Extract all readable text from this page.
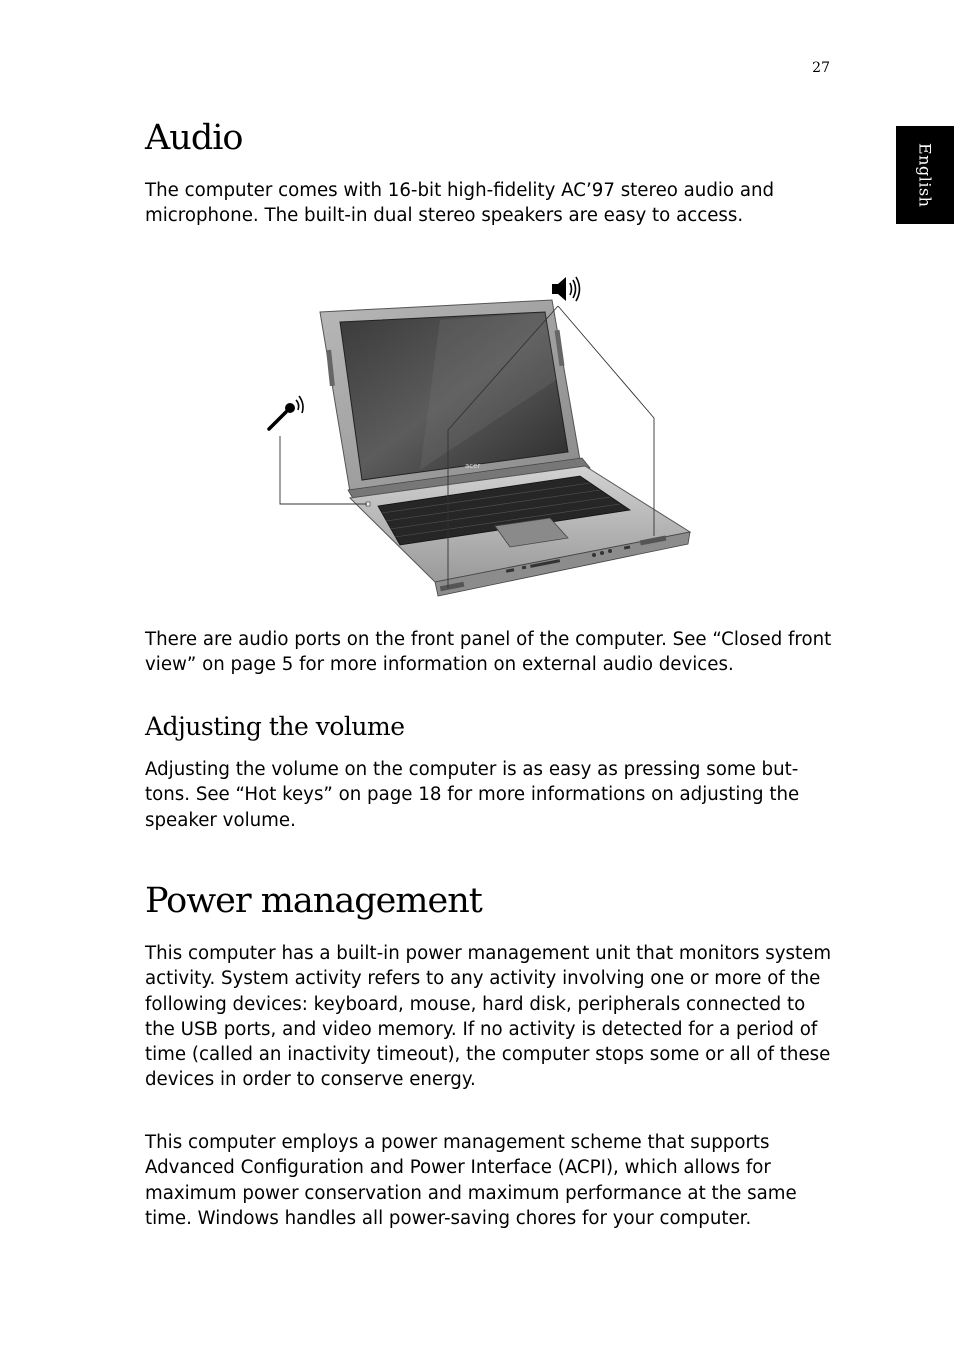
27
English
Audio

The computer comes with 16-bit high-fidelity AC’97 stereo audio and microphone. The built-in dual stereo speakers are easy to access.

acer

There are audio ports on the front panel of the computer. See “Closed front view” on page 5 for more information on external audio devices.

Adjusting the volume

Adjusting the volume on the computer is as easy as pressing some but-tons. See “Hot keys” on page 18 for more informations on adjusting the speaker volume.

Power management

This computer has a built-in power management unit that monitors system activity. System activity refers to any activity involving one or more of the following devices: keyboard, mouse, hard disk, peripherals connected to the USB ports, and video memory. If no activity is detected for a period of time (called an inactivity timeout), the computer stops some or all of these devices in order to conserve energy.

This computer employs a power management scheme that supports Advanced Configuration and Power Interface (ACPI), which allows for maximum power conservation and maximum performance at the same time. Windows handles all power-saving chores for your computer.
